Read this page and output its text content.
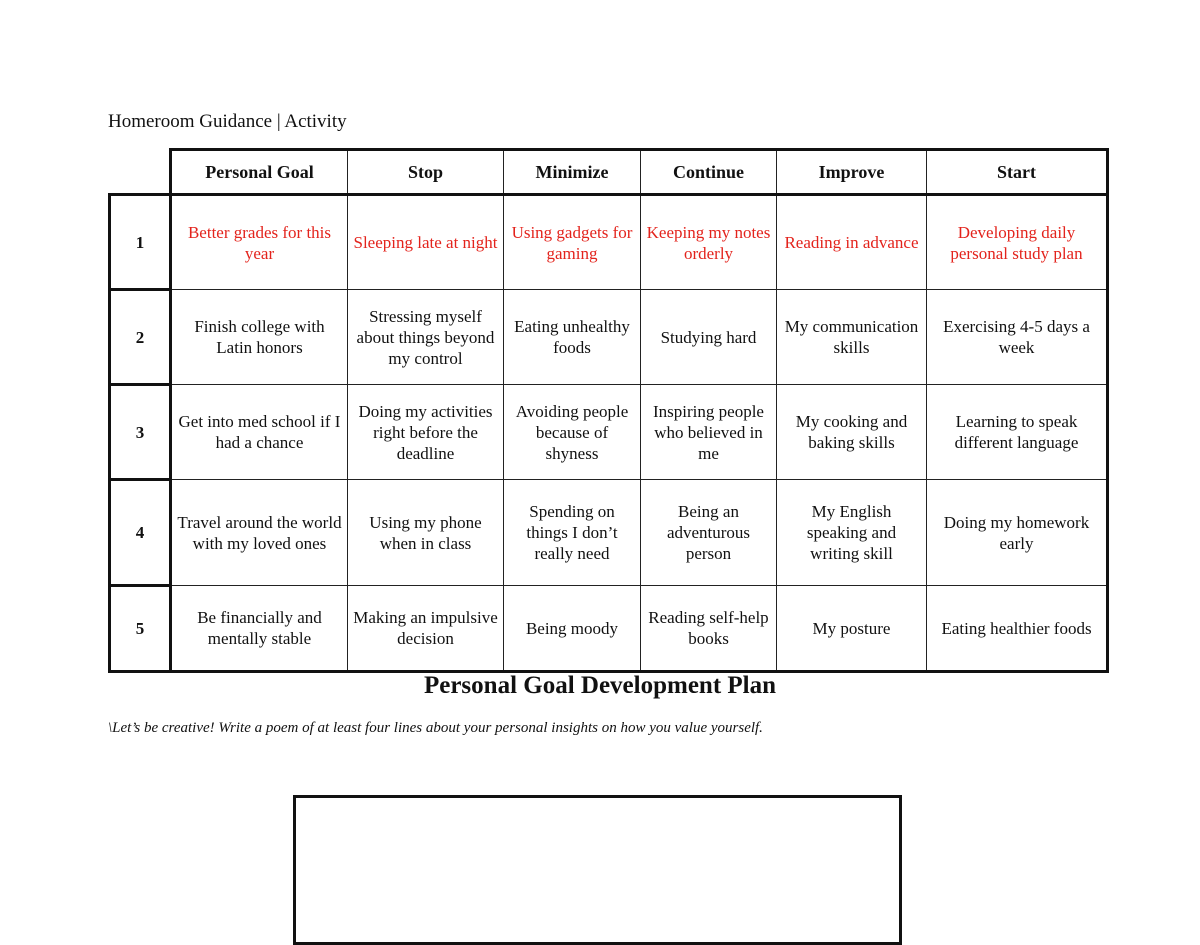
Homeroom Guidance | Activity
	Personal Goal	Stop	Minimize	Continue	Improve	Start
1	Better grades for this year	Sleeping late at night	Using gadgets for gaming	Keeping my notes orderly	Reading in advance	Developing daily personal study plan
2	Finish college with Latin honors	Stressing myself about things beyond my control	Eating unhealthy foods	Studying hard	My communication skills	Exercising 4-5 days a week
3	Get into med school if I had a chance	Doing my activities right before the deadline	Avoiding people because of shyness	Inspiring people who believed in me	My cooking and baking skills	Learning to speak different language
4	Travel around the world with my loved ones	Using my phone when in class	Spending on things I don’t really need	Being an adventurous person	My English speaking and writing skill	Doing my homework early
5	Be financially and mentally stable	Making an impulsive decision	Being moody	Reading self-help books	My posture	Eating healthier foods
Personal Goal Development Plan
\Let’s be creative! Write a poem of at least four lines about your personal insights on how you value yourself.
